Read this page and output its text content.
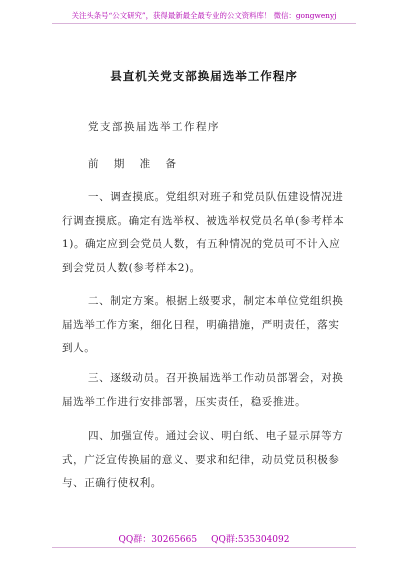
关注头条号“公文研究”，获得最新最全最专业的公文资料库！ 微信：gongwenyj
县直机关党支部换届选举工作程序
党支部换届选举工作程序
前 期 准 备
一、调查摸底。党组织对班子和党员队伍建设情况进
行调查摸底。确定有选举权、被选举权党员名单(参考样本
1)。确定应到会党员人数，有五种情况的党员可不计入应
到会党员人数(参考样本2)。
二、制定方案。根据上级要求，制定本单位党组织换
届选举工作方案，细化日程，明确措施，严明责任，落实
到人。
三、逐级动员。召开换届选举工作动员部署会，对换
届选举工作进行安排部署，压实责任，稳妥推进。
四、加强宣传。通过会议、明白纸、电子显示屏等方
式，广泛宣传换届的意义、要求和纪律，动员党员积极参
与、正确行使权利。
QQ群：30265665 QQ群:535304092
